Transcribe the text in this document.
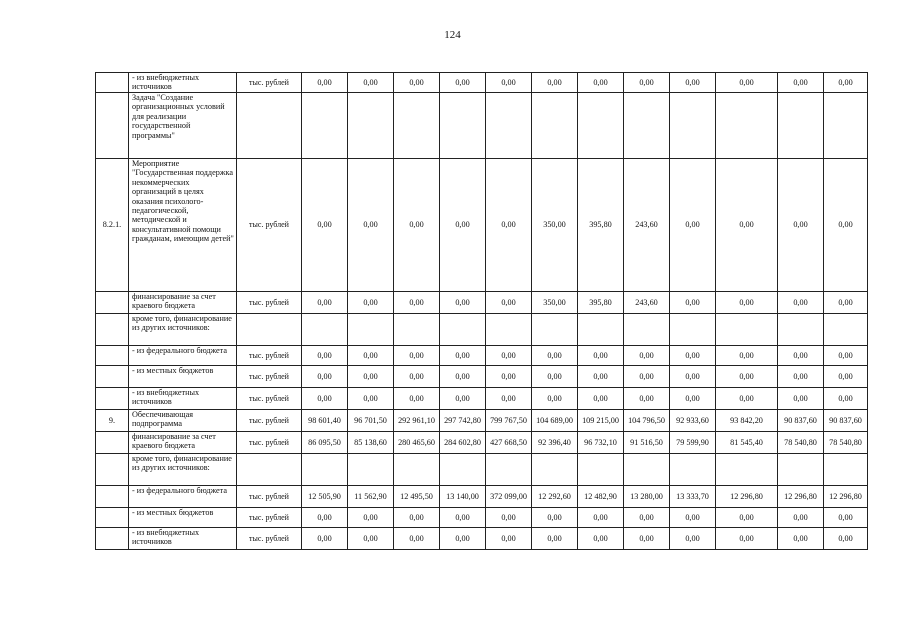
124
	- из внебюджетных источников	тыс. рублей	0,00	0,00	0,00	0,00	0,00	0,00	0,00	0,00	0,00	0,00	0,00	0,00
	Задача "Создание организационных условий для реализации государственной программы"													
8.2.1.	Мероприятие "Государственная поддержка некоммерческих организаций в целях оказания психолого-педагогической, методической и консультативной помощи гражданам, имеющим детей"	тыс. рублей	0,00	0,00	0,00	0,00	0,00	350,00	395,80	243,60	0,00	0,00	0,00	0,00
	финансирование за счет краевого бюджета	тыс. рублей	0,00	0,00	0,00	0,00	0,00	350,00	395,80	243,60	0,00	0,00	0,00	0,00
	кроме того, финансирование из других источников:													
	- из федерального бюджета	тыс. рублей	0,00	0,00	0,00	0,00	0,00	0,00	0,00	0,00	0,00	0,00	0,00	0,00
	- из местных бюджетов	тыс. рублей	0,00	0,00	0,00	0,00	0,00	0,00	0,00	0,00	0,00	0,00	0,00	0,00
	- из внебюджетных источников	тыс. рублей	0,00	0,00	0,00	0,00	0,00	0,00	0,00	0,00	0,00	0,00	0,00	0,00
9.	Обеспечивающая подпрограмма	тыс. рублей	98 601,40	96 701,50	292 961,10	297 742,80	799 767,50	104 689,00	109 215,00	104 796,50	92 933,60	93 842,20	90 837,60	90 837,60
	финансирование за счет краевого бюджета	тыс. рублей	86 095,50	85 138,60	280 465,60	284 602,80	427 668,50	92 396,40	96 732,10	91 516,50	79 599,90	81 545,40	78 540,80	78 540,80
	кроме того, финансирование из других источников:													
	- из федерального бюджета	тыс. рублей	12 505,90	11 562,90	12 495,50	13 140,00	372 099,00	12 292,60	12 482,90	13 280,00	13 333,70	12 296,80	12 296,80	12 296,80
	- из местных бюджетов	тыс. рублей	0,00	0,00	0,00	0,00	0,00	0,00	0,00	0,00	0,00	0,00	0,00	0,00
	- из внебюджетных источников	тыс. рублей	0,00	0,00	0,00	0,00	0,00	0,00	0,00	0,00	0,00	0,00	0,00	0,00
